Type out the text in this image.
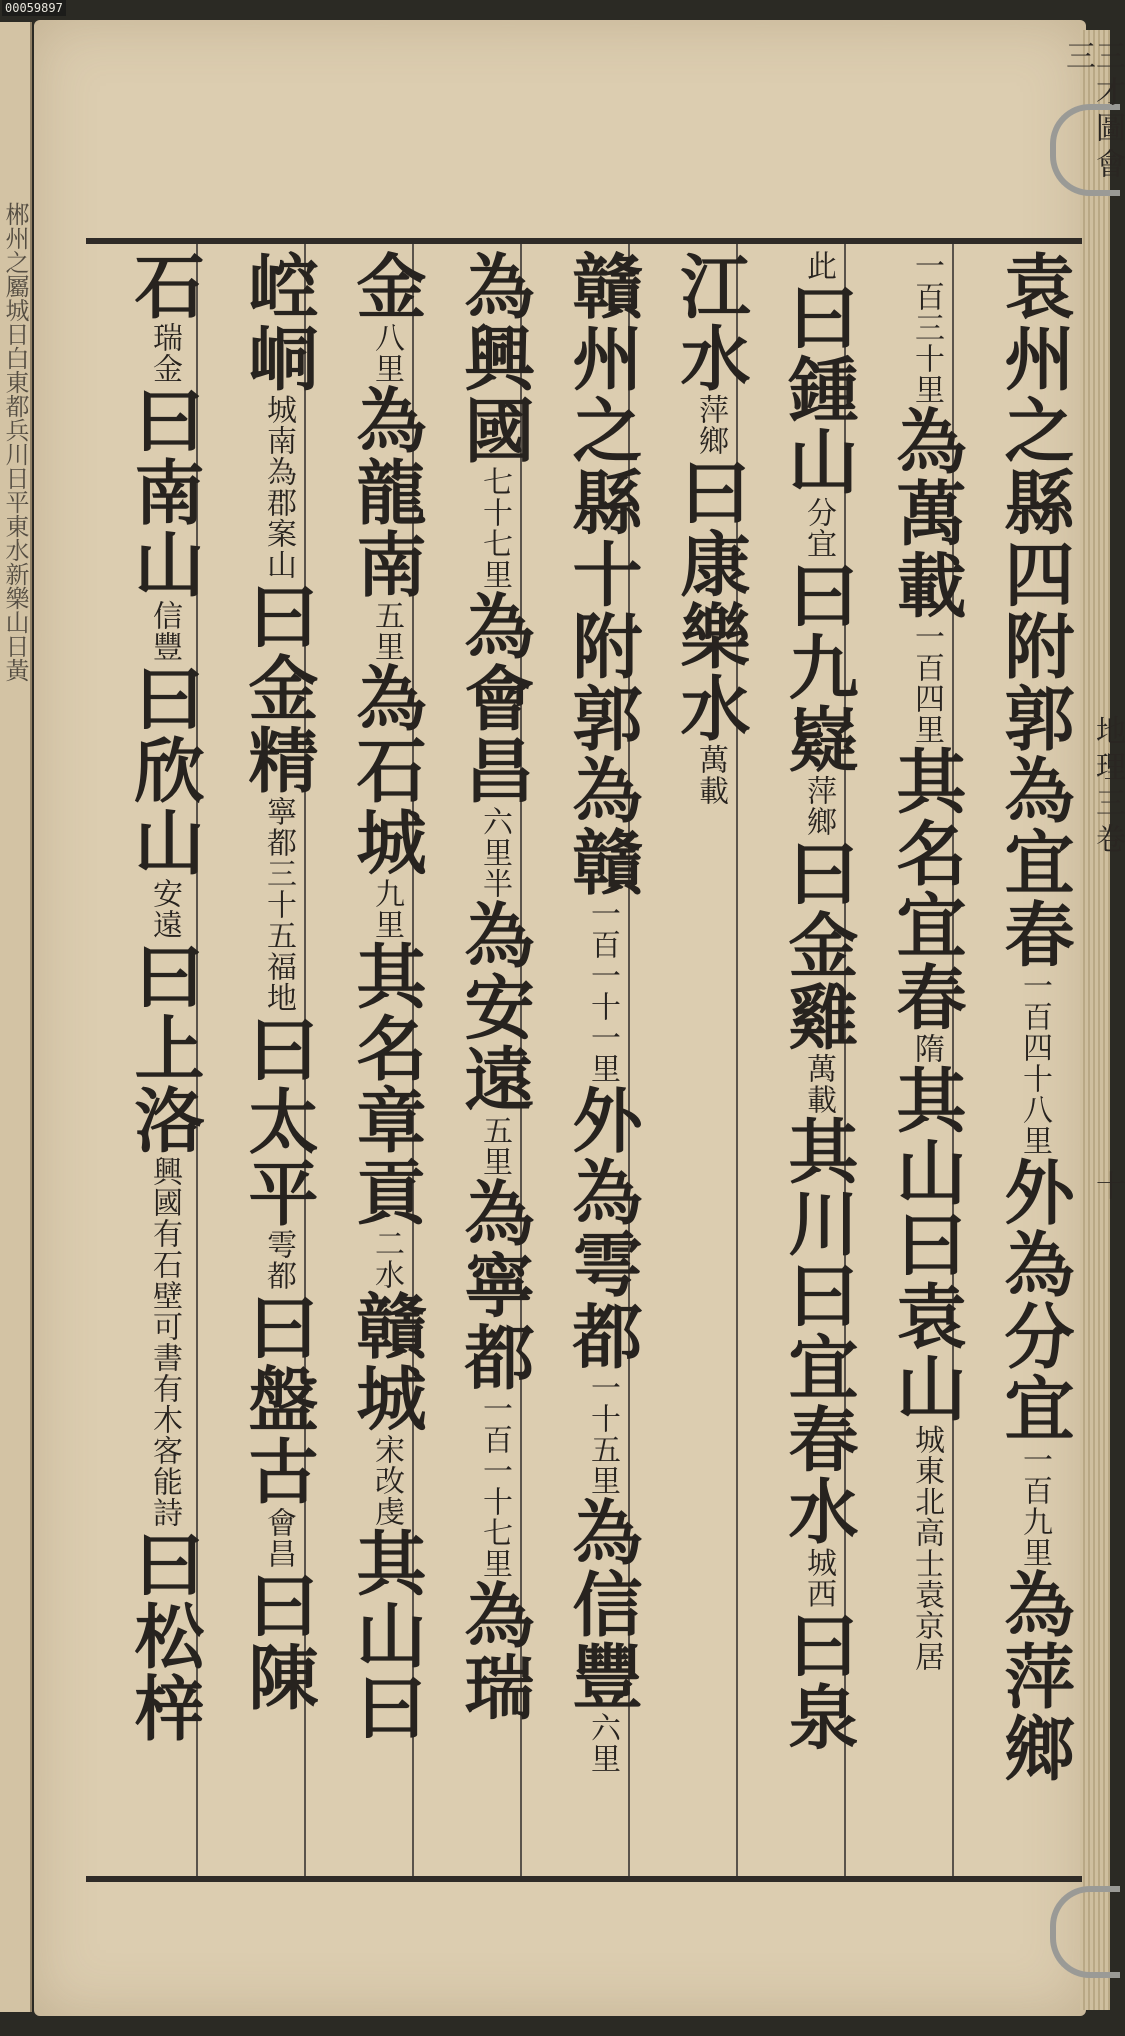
00059897
郴州之屬城日白東都兵川日平東水新樂山日黃
三才圖會  地理三卷  十三
袁州之縣四附郭為宜春一百四十八里外為分宜一百九里為萍鄉
一百三十里為萬載一百四里其名宜春隋其山曰袁山城東北高士袁京居
此曰鍾山分宜曰九嶷萍鄉曰金雞萬載其川曰宜春水城西曰泉
江水萍鄉曰康樂水萬載
贛州之縣十附郭為贛一百一十一里外為雩都一十五里為信豐六里
為興國七十七里為會昌六里半為安遠五里為寧都一百一十七里為瑞
金八里為龍南五里為石城九里其名章貢二水贛城宋改虔其山曰
崆峒城南為郡案山曰金精寧都三十五福地曰太平雩都曰盤古會昌曰陳
石瑞金曰南山信豐曰欣山安遠曰上洛興國有石壁可書有木客能詩曰松梓
